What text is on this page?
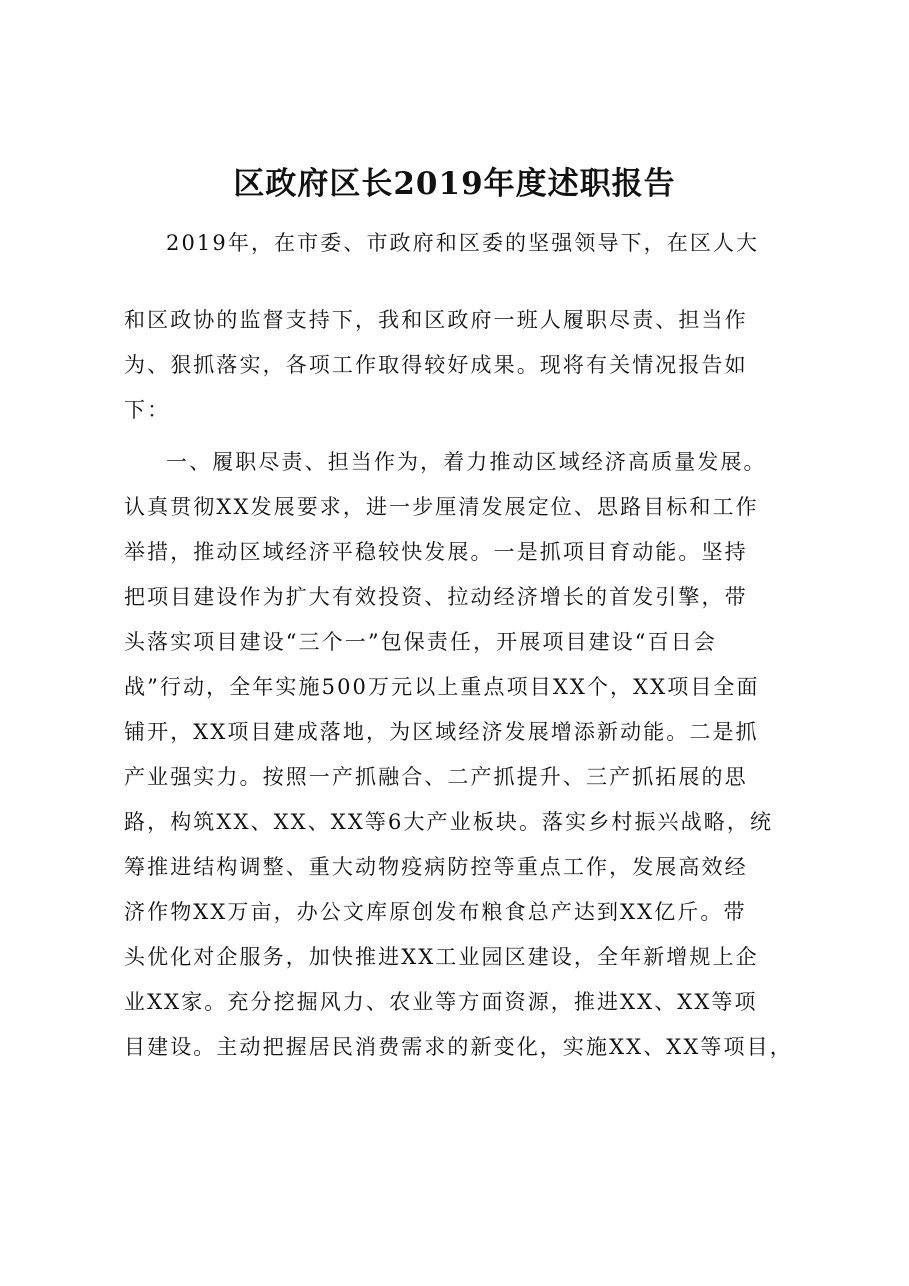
区政府区长2019年度述职报告

2019年，在市委、市政府和区委的坚强领导下，在区人大

和区政协的监督支持下，我和区政府一班人履职尽责、担当作

为、狠抓落实，各项工作取得较好成果。现将有关情况报告如

下：

一、履职尽责、担当作为，着力推动区域经济高质量发展。

认真贯彻XX发展要求，进一步厘清发展定位、思路目标和工作

举措，推动区域经济平稳较快发展。一是抓项目育动能。坚持

把项目建设作为扩大有效投资、拉动经济增长的首发引擎，带

头落实项目建设“三个一”包保责任，开展项目建设“百日会

战”行动，全年实施500万元以上重点项目XX个，XX项目全面

铺开，XX项目建成落地，为区域经济发展增添新动能。二是抓

产业强实力。按照一产抓融合、二产抓提升、三产抓拓展的思

路，构筑XX、XX、XX等6大产业板块。落实乡村振兴战略，统

筹推进结构调整、重大动物疫病防控等重点工作，发展高效经

济作物XX万亩，办公文库原创发布粮食总产达到XX亿斤。带

头优化对企服务，加快推进XX工业园区建设，全年新增规上企

业XX家。充分挖掘风力、农业等方面资源，推进XX、XX等项

目建设。主动把握居民消费需求的新变化，实施XX、XX等项目，
